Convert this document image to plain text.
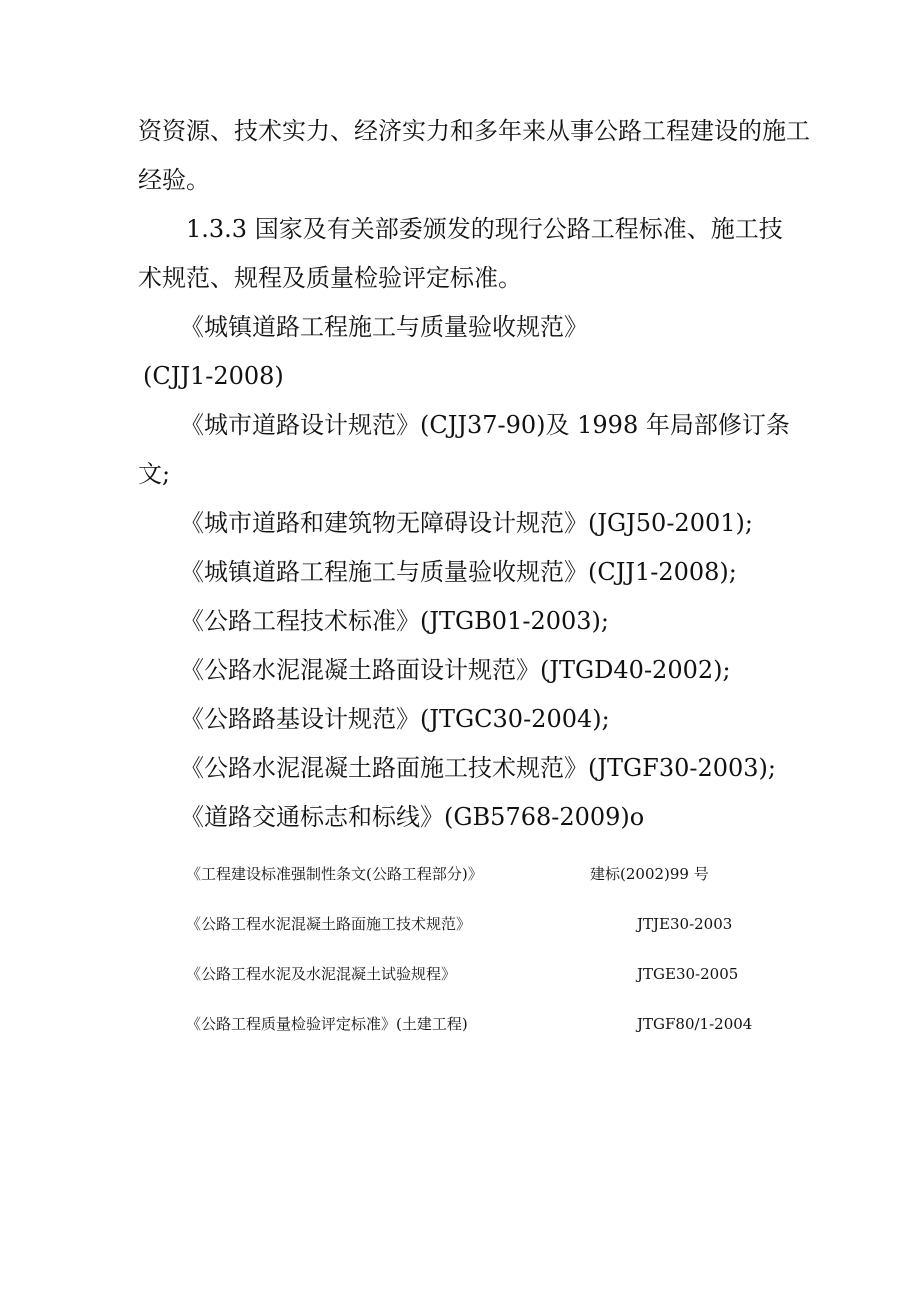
资资源、技术实力、经济实力和多年来从事公路工程建设的施工
经验。
1.3.3 国家及有关部委颁发的现行公路工程标准、施工技
术规范、规程及质量检验评定标准。
《城镇道路工程施工与质量验收规范》
(CJJ1-2008)
《城市道路设计规范》(CJJ37-90)及 1998 年局部修订条
文;
《城市道路和建筑物无障碍设计规范》(JGJ50-2001);
《城镇道路工程施工与质量验收规范》(CJJ1-2008);
《公路工程技术标准》(JTGB01-2003);
《公路水泥混凝土路面设计规范》(JTGD40-2002);
《公路路基设计规范》(JTGC30-2004);
《公路水泥混凝土路面施工技术规范》(JTGF30-2003);
《道路交通标志和标线》(GB5768-2009)o
《工程建设标准强制性条文(公路工程部分)》	建标(2002)99 号
《公路工程水泥混凝土路面施工技术规范》	JTJE30-2003
《公路工程水泥及水泥混凝土试验规程》	JTGE30-2005
《公路工程质量检验评定标准》(土建工程)	JTGF80/1-2004
